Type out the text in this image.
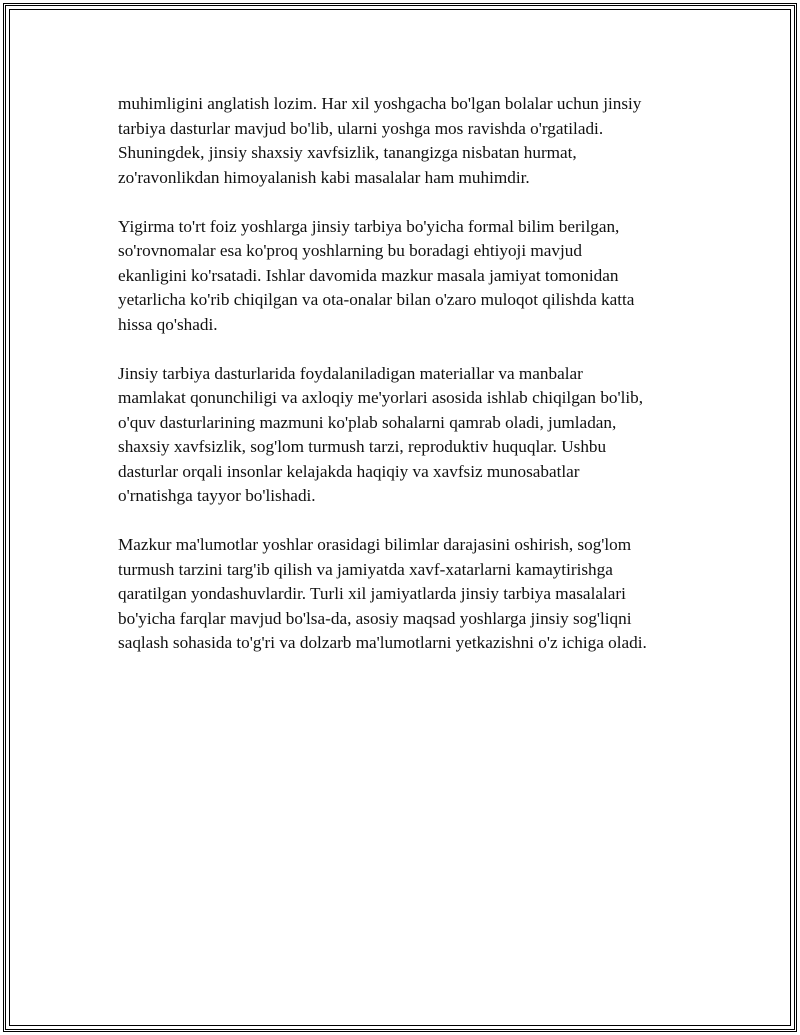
muhimligini anglatish lozim. Har xil yoshgacha bo'lgan bolalar uchun jinsiy
tarbiya dasturlar mavjud bo'lib, ularni yoshga mos ravishda o'rgatiladi.
Shuningdek, jinsiy shaxsiy xavfsizlik, tanangizga nisbatan hurmat,
zo'ravonlikdan himoyalanish kabi masalalar ham muhimdir.

Yigirma to'rt foiz yoshlarga jinsiy tarbiya bo'yicha formal bilim berilgan,
so'rovnomalar esa ko'proq yoshlarning bu boradagi ehtiyoji mavjud
ekanligini ko'rsatadi. Ishlar davomida mazkur masala jamiyat tomonidan
yetarlicha ko'rib chiqilgan va ota-onalar bilan o'zaro muloqot qilishda katta
hissa qo'shadi.

Jinsiy tarbiya dasturlarida foydalaniladigan materiallar va manbalar
mamlakat qonunchiligi va axloqiy me'yorlari asosida ishlab chiqilgan bo'lib,
o'quv dasturlarining mazmuni ko'plab sohalarni qamrab oladi, jumladan,
shaxsiy xavfsizlik, sog'lom turmush tarzi, reproduktiv huquqlar. Ushbu
dasturlar orqali insonlar kelajakda haqiqiy va xavfsiz munosabatlar
o'rnatishga tayyor bo'lishadi.

Mazkur ma'lumotlar yoshlar orasidagi bilimlar darajasini oshirish, sog'lom
turmush tarzini targ'ib qilish va jamiyatda xavf-xatarlarni kamaytirishga
qaratilgan yondashuvlardir. Turli xil jamiyatlarda jinsiy tarbiya masalalari
bo'yicha farqlar mavjud bo'lsa-da, asosiy maqsad yoshlarga jinsiy sog'liqni
saqlash sohasida to'g'ri va dolzarb ma'lumotlarni yetkazishni o'z ichiga oladi.
